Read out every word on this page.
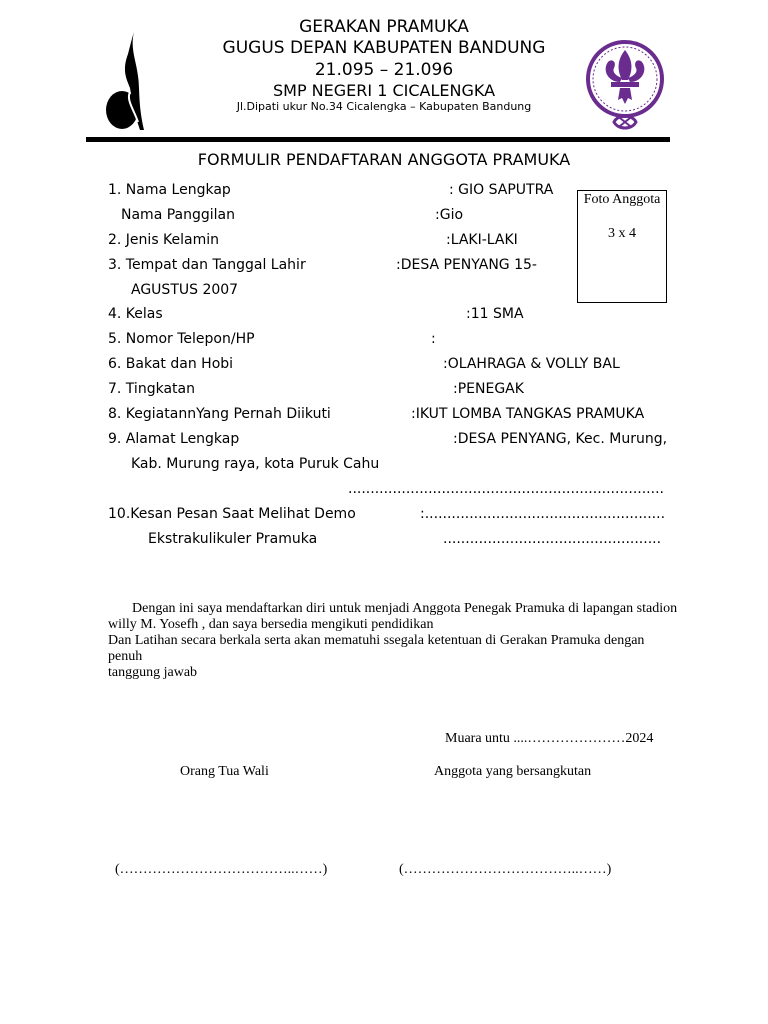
GERAKAN PRAMUKA
GUGUS DEPAN KABUPATEN BANDUNG
21.095 – 21.096
SMP NEGERI 1 CICALENGKA
Jl.Dipati ukur No.34 Cicalengka – Kabupaten Bandung
FORMULIR PENDAFTARAN ANGGOTA PRAMUKA
Foto Anggota
3 x 4
1. Nama Lengkap	: GIO SAPUTRA
Nama Panggilan	:Gio
2. Jenis Kelamin	:LAKI-LAKI
3. Tempat dan Tanggal Lahir	:DESA PENYANG 15-
AGUSTUS 2007
4. Kelas	:11 SMA
5. Nomor Telepon/HP	:
6. Bakat dan Hobi	:OLAHRAGA & VOLLY BAL
7. Tingkatan	:PENEGAK
8. KegiatannYang Pernah Diikuti	:IKUT LOMBA TANGKAS PRAMUKA
9. Alamat Lengkap	:DESA PENYANG, Kec. Murung,
Kab. Murung raya, kota Puruk Cahu
.......................................................................
10.Kesan Pesan Saat Melihat Demo	:......................................................
Ekstrakulikuler Pramuka	.................................................
Dengan ini saya mendaftarkan diri untuk menjadi Anggota Penegak Pramuka di lapangan stadion
willy M. Yosefh , dan saya bersedia mengikuti pendidikan
Dan Latihan secara berkala serta akan mematuhi ssegala ketentuan di Gerakan Pramuka dengan penuh
tanggung jawab
Muara untu ....…………………2024
Orang Tua Wali	Anggota yang bersangkutan
(………………………………..……)	(………………………………..……)
